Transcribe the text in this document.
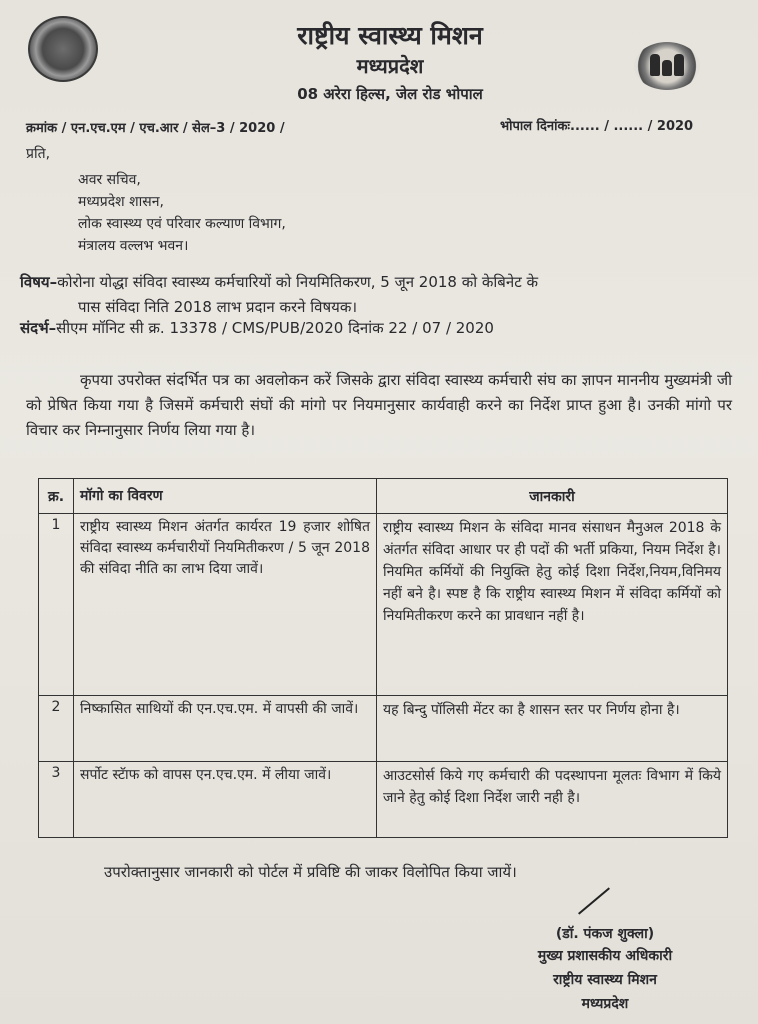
राष्ट्रीय स्वास्थ्य मिशन
मध्यप्रदेश
08 अरेरा हिल्स, जेल रोड भोपाल
क्रमांक / एन.एच.एम / एच.आर / सेल–3 / 2020 /	भोपाल दिनांकः...... / ...... / 2020
प्रति,
अवर सचिव,
मध्यप्रदेश शासन,
लोक स्वास्थ्य एवं परिवार कल्याण विभाग,
मंत्रालय वल्लभ भवन।
विषय–कोरोना योद्धा संविदा स्वास्थ्य कर्मचारियों को नियमितिकरण, 5 जून 2018 को केबिनेट के
पास संविदा निति 2018 लाभ प्रदान करने विषयक।
संदर्भ–सीएम मॉनिट सी क्र. 13378 / CMS/PUB/2020 दिनांक 22 / 07 / 2020
कृपया उपरोक्त संदर्भित पत्र का अवलोकन करें जिसके द्वारा संविदा स्वास्थ्य कर्मचारी संघ का ज्ञापन माननीय मुख्यमंत्री जी को प्रेषित किया गया है जिसमें कर्मचारी संघों की मांगो पर नियमानुसार कार्यवाही करने का निर्देश प्राप्त हुआ है। उनकी मांगो पर विचार कर निम्नानुसार निर्णय लिया गया है।
क्र.	मॉगो का विवरण	जानकारी
1	राष्ट्रीय स्वास्थ्य मिशन अंतर्गत कार्यरत 19 हजार शोषित संविदा स्वास्थ्य कर्मचारीयों नियमितीकरण / 5 जून 2018 की संविदा नीति का लाभ दिया जावें।	राष्ट्रीय स्वास्थ्य मिशन के संविदा मानव संसाधन मैनुअल 2018 के अंतर्गत संविदा आधार पर ही पदों की भर्ती प्रकिया, नियम निर्देश है। नियमित कर्मियों की नियुक्ति हेतु कोई दिशा निर्देश,नियम,विनिमय नहीं बने है। स्पष्ट है कि राष्ट्रीय स्वास्थ्य मिशन में संविदा कर्मियों को नियमितीकरण करने का प्रावधान नहीं है।
2	निष्कासित साथियों की एन.एच.एम. में वापसी की जावें।	यह बिन्दु पॉलिसी मेंटर का है शासन स्तर पर निर्णय होना है।
3	सर्पोट स्टॅाफ को वापस एन.एच.एम. में लीया जावें।	आउटसोर्स किये गए कर्मचारी की पदस्थापना मूलतः विभाग में किये जाने हेतु कोई दिशा निर्देश जारी नही है।
उपरोक्तानुसार जानकारी को पोर्टल में प्रविष्टि की जाकर विलोपित किया जायें।
(डॉ. पंकज शुक्ला)
मुख्य प्रशासकीय अधिकारी
राष्ट्रीय स्वास्थ्य मिशन
मध्यप्रदेश
